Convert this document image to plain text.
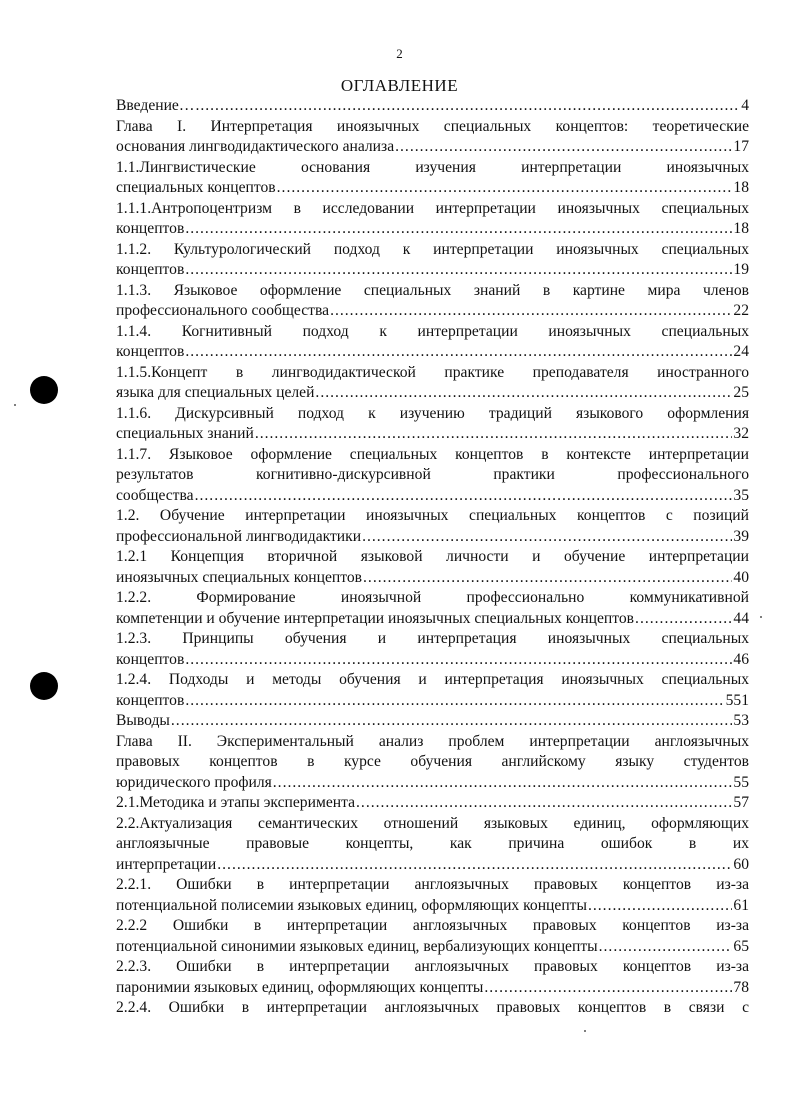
2
ОГЛАВЛЕНИЕ
Введение… .....	4
Глава I. Интерпретация иноязычных специальных концептов: теоретические
основания лингводидактического анализа .....	17
1.1.Лингвистические основания изучения интерпретации иноязычных
специальных концептов .....	18
1.1.1.Антропоцентризм в исследовании интерпретации иноязычных специальных
концептов .....	18
1.1.2. Культурологический подход к интерпретации иноязычных специальных
концептов .....	19
1.1.3. Языковое оформление специальных знаний в картине мира членов
профессионального сообщества .....	22
1.1.4. Когнитивный подход к интерпретации иноязычных специальных
концептов .....	24
1.1.5.Концепт в лингводидактической практике преподавателя иностранного
языка для специальных целей .....	25
1.1.6. Дискурсивный подход к изучению традиций языкового оформления
специальных знаний .....	32
1.1.7. Языковое оформление специальных концептов в контексте интерпретации
результатов когнитивно-дискурсивной практики профессионального
сообщества .....	35
1.2. Обучение интерпретации иноязычных специальных концептов с позиций
профессиональной лингводидактики .....	39
1.2.1 Концепция вторичной языковой личности и обучение интерпретации
иноязычных специальных концептов .....	40
1.2.2. Формирование иноязычной профессионально коммуникативной
компетенции и обучение интерпретации иноязычных специальных концептов .....	44
1.2.3. Принципы обучения и интерпретация иноязычных специальных
концептов .....	46
1.2.4. Подходы и методы обучения и интерпретация иноязычных специальных
концептов .....	551
Выводы .....	53
Глава II. Экспериментальный анализ проблем интерпретации англоязычных
правовых концептов в курсе обучения английскому языку студентов
юридического профиля .....	55
2.1.Методика и этапы эксперимента .....	57
2.2.Актуализация семантических отношений языковых единиц, оформляющих
англоязычные правовые концепты, как причина ошибок в их
интерпретации .....	60
2.2.1. Ошибки в интерпретации англоязычных правовых концептов из-за
потенциальной полисемии языковых единиц, оформляющих концепты .....	61
2.2.2 Ошибки в интерпретации англоязычных правовых концептов из-за
потенциальной синонимии языковых единиц, вербализующих концепты .....	65
2.2.3. Ошибки в интерпретации англоязычных правовых концептов из-за
паронимии языковых единиц, оформляющих концепты .....	78
2.2.4. Ошибки в интерпретации англоязычных правовых концептов в связи с
